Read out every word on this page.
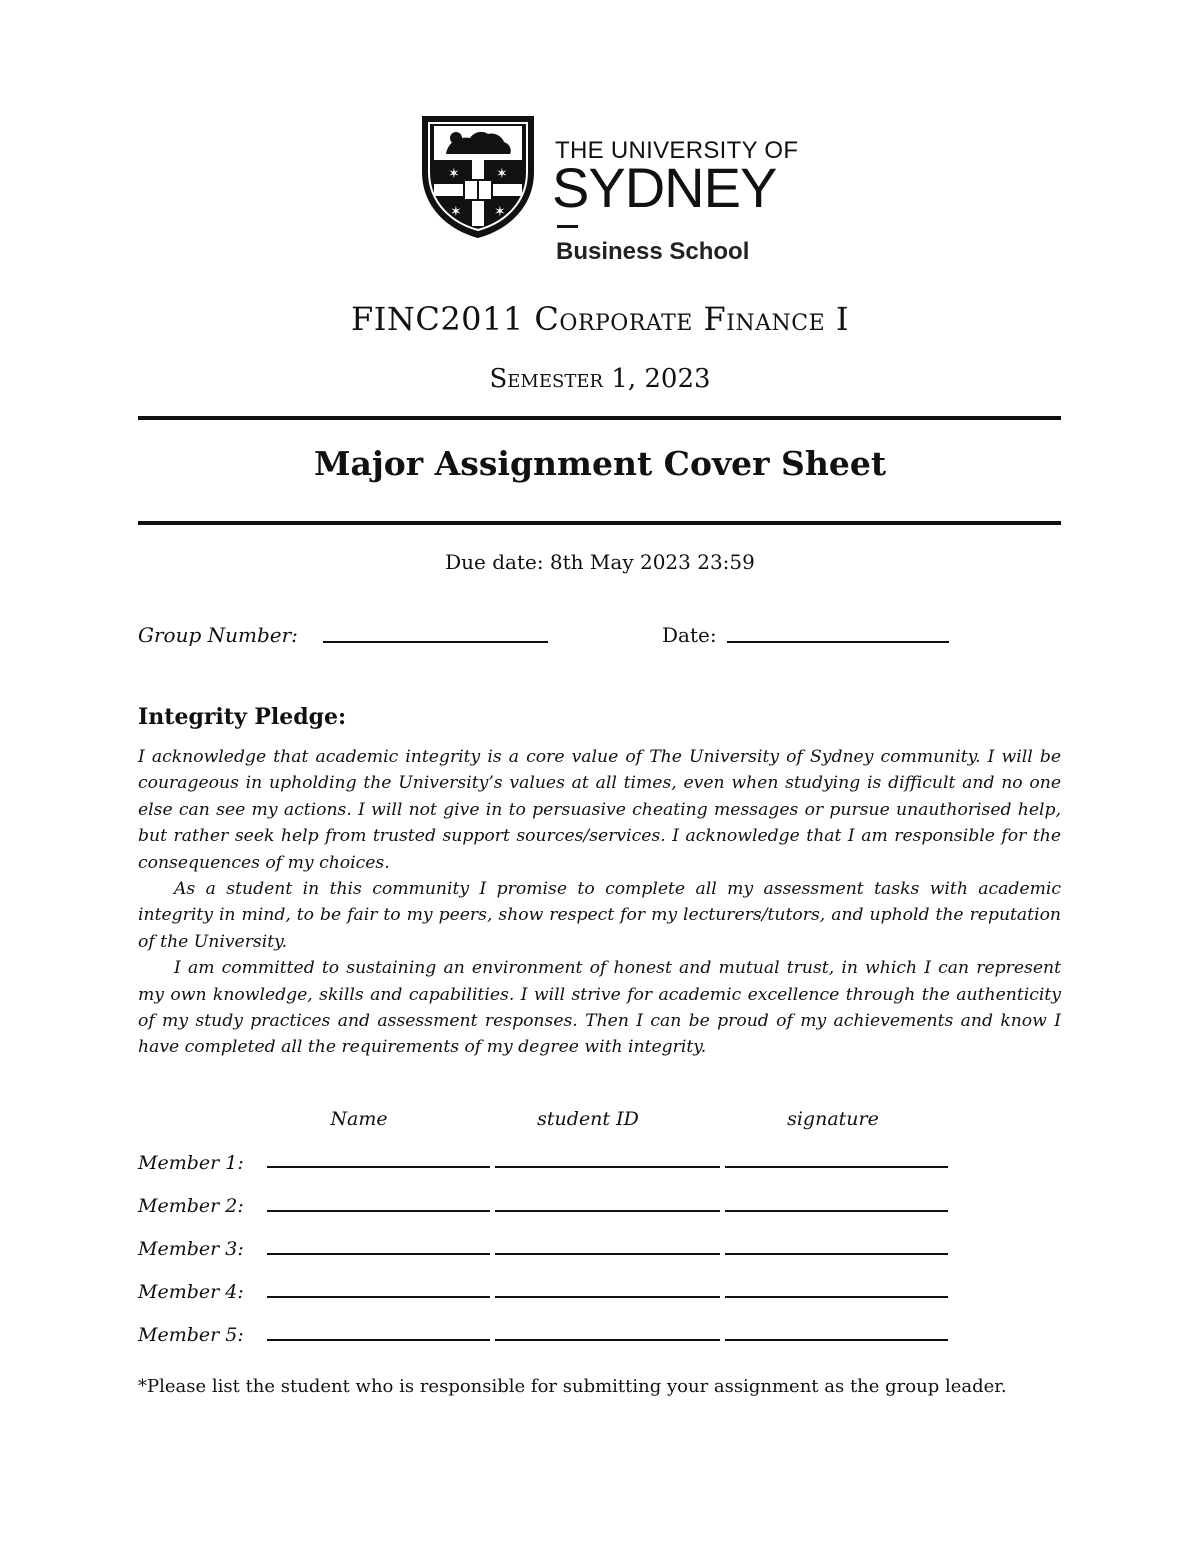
✶	✶
✶ ✶
THE UNIVERSITY OF
SYDNEY
Business School
FINC2011 Corporate Finance I
Semester 1, 2023
Major Assignment Cover Sheet
Due date: 8th May 2023 23:59
Group Number:	Date:
Integrity Pledge:

I acknowledge that academic integrity is a core value of The University of Sydney community. I will be courageous in upholding the University’s values at all times, even when studying is difficult and no one else can see my actions. I will not give in to persuasive cheating messages or pursue unauthorised help, but rather seek help from trusted support sources/services. I acknowledge that I am responsible for the consequences of my choices.

As a student in this community I promise to complete all my assessment tasks with academic integrity in mind, to be fair to my peers, show respect for my lecturers/tutors, and uphold the reputation of the University.

I am committed to sustaining an environment of honest and mutual trust, in which I can represent my own knowledge, skills and capabilities. I will strive for academic excellence through the authenticity of my study practices and assessment responses. Then I can be proud of my achievements and know I have completed all the requirements of my degree with integrity.

Name	student ID	signature
Member 1:
Member 2:
Member 3:
Member 4:
Member 5:
*Please list the student who is responsible for submitting your assignment as the group leader.
